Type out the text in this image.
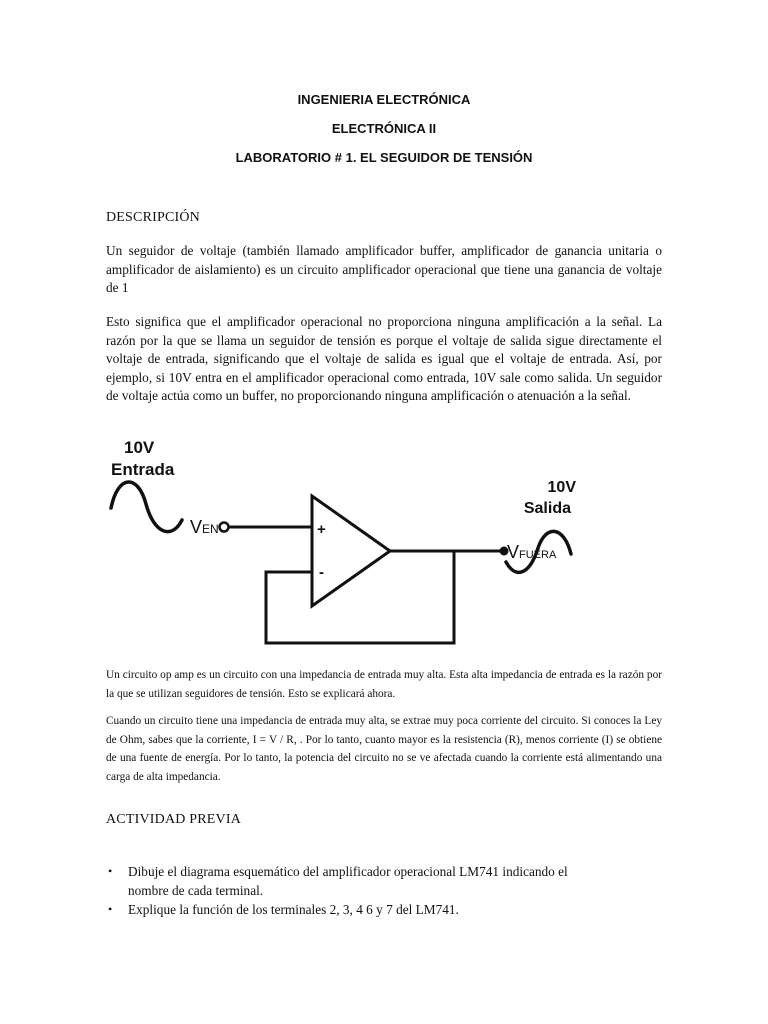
INGENIERIA ELECTRÓNICA
ELECTRÓNICA II
LABORATORIO # 1. EL SEGUIDOR DE TENSIÓN
DESCRIPCIÓN

Un seguidor de voltaje (también llamado amplificador buffer, amplificador de ganancia unitaria o amplificador de aislamiento) es un circuito amplificador operacional que tiene una ganancia de voltaje de 1

Esto significa que el amplificador operacional no proporciona ninguna amplificación a la señal. La razón por la que se llama un seguidor de tensión es porque el voltaje de salida sigue directamente el voltaje de entrada, significando que el voltaje de salida es igual que el voltaje de entrada. Así, por ejemplo, si 10V entra en el amplificador operacional como entrada, 10V sale como salida. Un seguidor de voltaje actúa como un buffer, no proporcionando ninguna amplificación o atenuación a la señal.

10V
Entrada
VEN	+
-
VFUERA
10V
Salida

Un circuito op amp es un circuito con una impedancia de entrada muy alta. Esta alta impedancia de entrada es la razón por la que se utilizan seguidores de tensión. Esto se explicará ahora.

Cuando un circuito tiene una impedancia de entrada muy alta, se extrae muy poca corriente del circuito. Si conoces la Ley de Ohm, sabes que la corriente, I = V / R, . Por lo tanto, cuanto mayor es la resistencia (R), menos corriente (I) se obtiene de una fuente de energía. Por lo tanto, la potencia del circuito no se ve afectada cuando la corriente está alimentando una carga de alta impedancia.

ACTIVIDAD PREVIA
• Dibuje el diagrama esquemático del amplificador operacional LM741 indicando el nombre de cada terminal.
• Explique la función de los terminales 2, 3, 4 6 y 7 del LM741.
